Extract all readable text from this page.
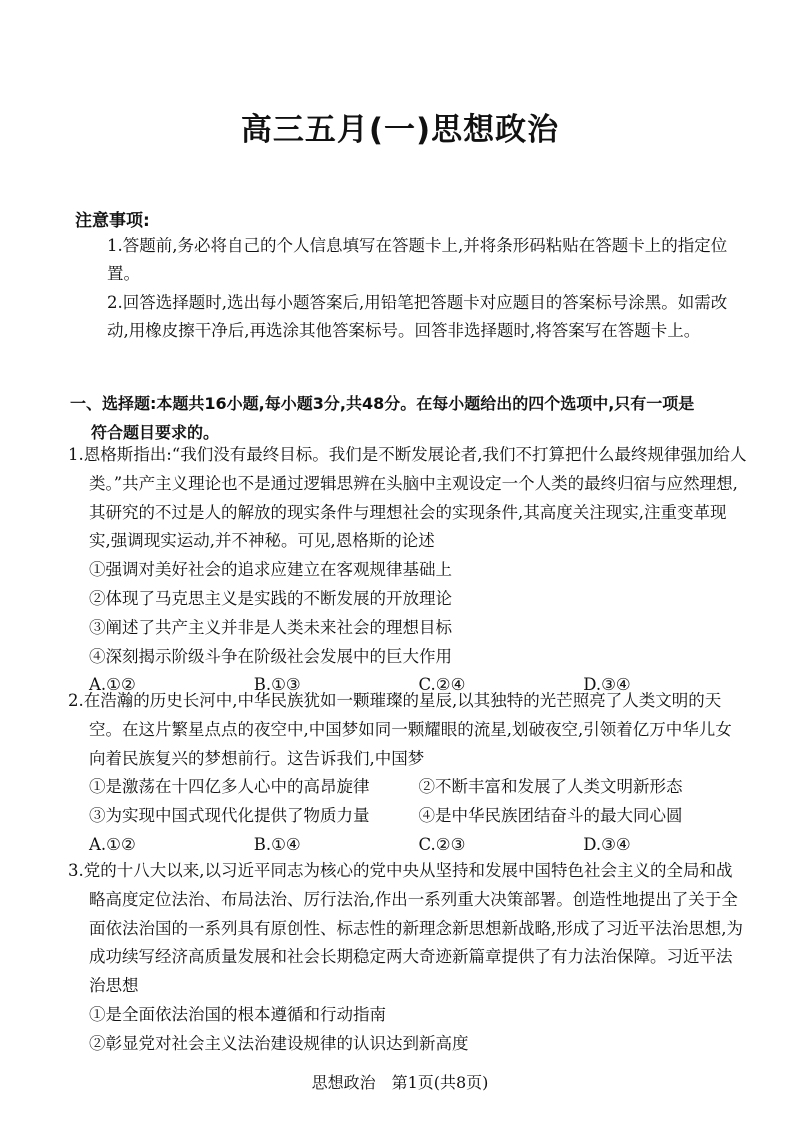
高三五月(一)思想政治
注意事项:
1.答题前,务必将自己的个人信息填写在答题卡上,并将条形码粘贴在答题卡上的指定位置。
2.回答选择题时,选出每小题答案后,用铅笔把答题卡对应题目的答案标号涂黑。如需改动,用橡皮擦干净后,再选涂其他答案标号。回答非选择题时,将答案写在答题卡上。
一、选择题:本题共16小题,每小题3分,共48分。在每小题给出的四个选项中,只有一项是
符合题目要求的。
1.恩格斯指出:“我们没有最终目标。我们是不断发展论者,我们不打算把什么最终规律强加给人类。”共产主义理论也不是通过逻辑思辨在头脑中主观设定一个人类的最终归宿与应然理想,其研究的不过是人的解放的现实条件与理想社会的实现条件,其高度关注现实,注重变革现实,强调现实运动,并不神秘。可见,恩格斯的论述
①强调对美好社会的追求应建立在客观规律基础上
②体现了马克思主义是实践的不断发展的开放理论
③阐述了共产主义并非是人类未来社会的理想目标
④深刻揭示阶级斗争在阶级社会发展中的巨大作用
A.①②	B.①③	C.②④	D.③④
2.在浩瀚的历史长河中,中华民族犹如一颗璀璨的星辰,以其独特的光芒照亮了人类文明的天空。在这片繁星点点的夜空中,中国梦如同一颗耀眼的流星,划破夜空,引领着亿万中华儿女向着民族复兴的梦想前行。这告诉我们,中国梦
①是激荡在十四亿多人心中的高昂旋律	②不断丰富和发展了人类文明新形态
③为实现中国式现代化提供了物质力量	④是中华民族团结奋斗的最大同心圆
A.①②	B.①④	C.②③	D.③④
3.党的十八大以来,以习近平同志为核心的党中央从坚持和发展中国特色社会主义的全局和战略高度定位法治、布局法治、厉行法治,作出一系列重大决策部署。创造性地提出了关于全面依法治国的一系列具有原创性、标志性的新理念新思想新战略,形成了习近平法治思想,为成功续写经济高质量发展和社会长期稳定两大奇迹新篇章提供了有力法治保障。习近平法治思想
①是全面依法治国的根本遵循和行动指南
②彰显党对社会主义法治建设规律的认识达到新高度
思想政治　第1页(共8页)
